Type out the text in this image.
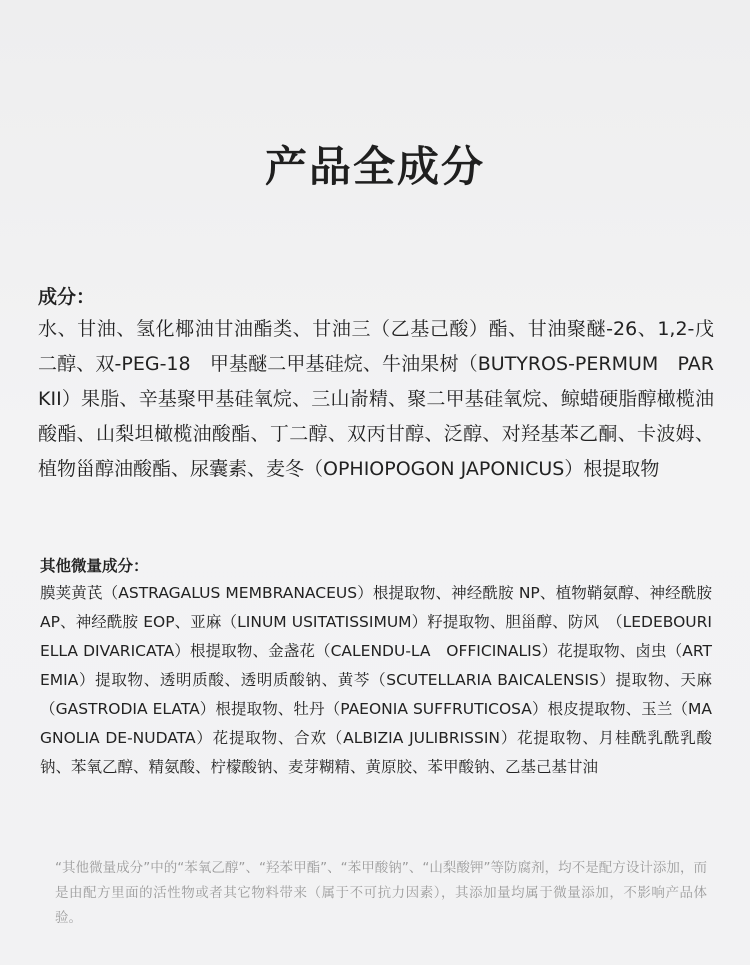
产品全成分
成分：
水、甘油、氢化椰油甘油酯类、甘油三（乙基己酸）酯、甘油聚醚-26、1,2-戊二醇、双-PEG-18　甲基醚二甲基硅烷、牛油果树（BUTYROS-PERMUM　PARKII）果脂、辛基聚甲基硅氧烷、三山嵛精、聚二甲基硅氧烷、鲸蜡硬脂醇橄榄油酸酯、山梨坦橄榄油酸酯、丁二醇、双丙甘醇、泛醇、对羟基苯乙酮、卡波姆、植物甾醇油酸酯、尿囊素、麦冬（OPHIOPOGON JAPONICUS）根提取物
其他微量成分：
膜荚黄芪（ASTRAGALUS MEMBRANACEUS）根提取物、神经酰胺 NP、植物鞘氨醇、神经酰胺 AP、神经酰胺 EOP、亚麻（LINUM USITATISSIMUM）籽提取物、胆甾醇、防风　（LEDEBOURIELLA DIVARICATA）根提取物、金盏花（CALENDU-LA　OFFICINALIS）花提取物、卤虫（ARTEMIA）提取物、透明质酸、透明质酸钠、黄芩（SCUTELLARIA BAICALENSIS）提取物、天麻（GASTRODIA ELATA）根提取物、牡丹（PAEONIA SUFFRUTICOSA）根皮提取物、玉兰（MAGNOLIA DE-NUDATA）花提取物、合欢（ALBIZIA JULIBRISSIN）花提取物、月桂酰乳酰乳酸钠、苯氧乙醇、精氨酸、柠檬酸钠、麦芽糊精、黄原胶、苯甲酸钠、乙基己基甘油
“其他微量成分”中的“苯氧乙醇”、“羟苯甲酯”、“苯甲酸钠”、“山梨酸钾”等防腐剂，均不是配方设计添加，而是由配方里面的活性物或者其它物料带来（属于不可抗力因素），其添加量均属于微量添加，不影响产品体验。
